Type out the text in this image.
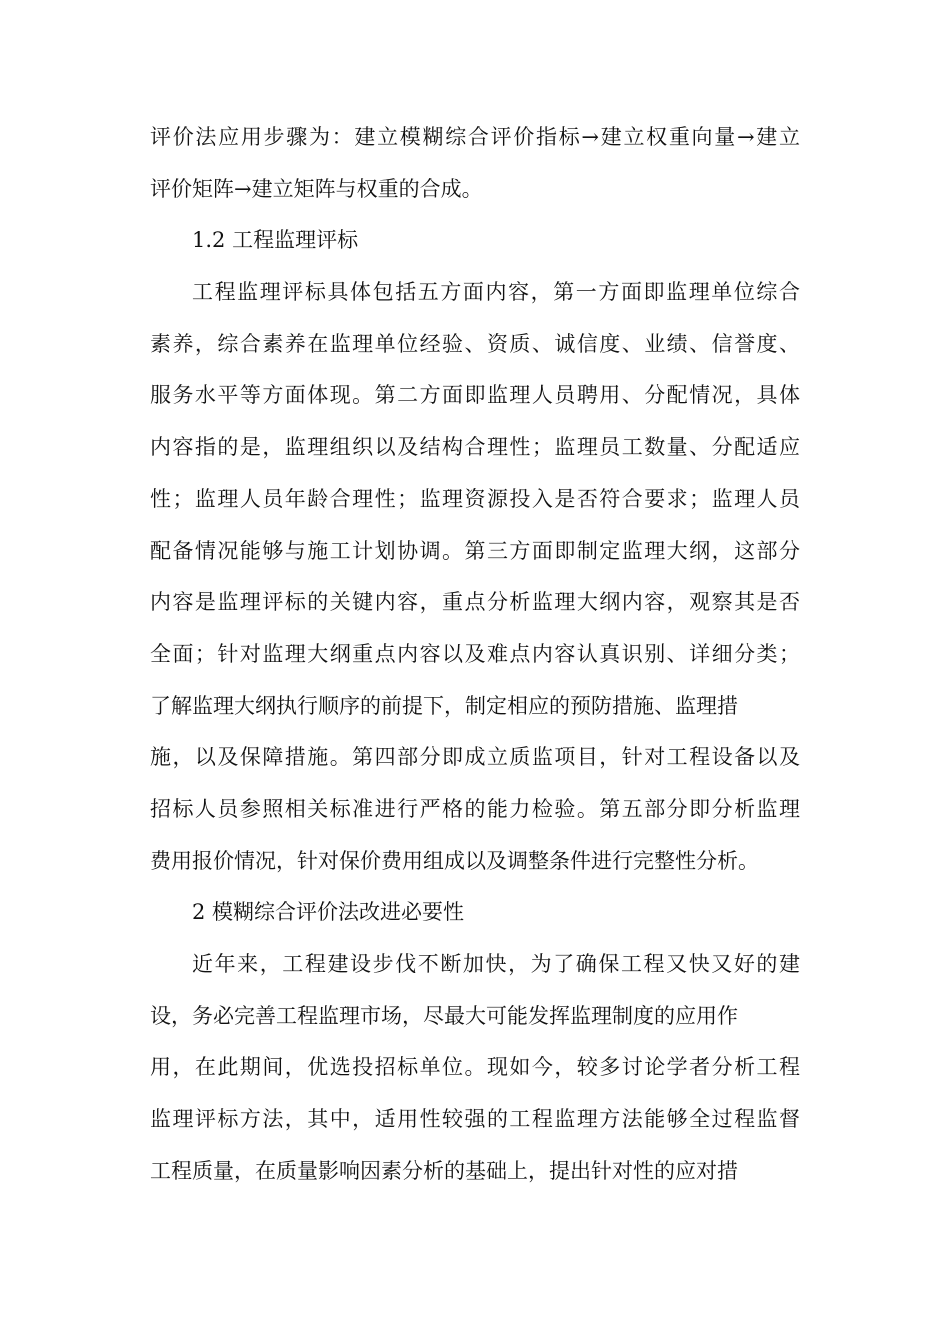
评价法应用步骤为：建立模糊综合评价指标→建立权重向量→建立
评价矩阵→建立矩阵与权重的合成。
1.2 工程监理评标
工程监理评标具体包括五方面内容，第一方面即监理单位综合
素养，综合素养在监理单位经验、资质、诚信度、业绩、信誉度、
服务水平等方面体现。第二方面即监理人员聘用、分配情况，具体
内容指的是，监理组织以及结构合理性；监理员工数量、分配适应
性；监理人员年龄合理性；监理资源投入是否符合要求；监理人员
配备情况能够与施工计划协调。第三方面即制定监理大纲，这部分
内容是监理评标的关键内容，重点分析监理大纲内容，观察其是否
全面；针对监理大纲重点内容以及难点内容认真识别、详细分类；
了解监理大纲执行顺序的前提下，制定相应的预防措施、监理措
施，以及保障措施。第四部分即成立质监项目，针对工程设备以及
招标人员参照相关标准进行严格的能力检验。第五部分即分析监理
费用报价情况，针对保价费用组成以及调整条件进行完整性分析。
2 模糊综合评价法改进必要性
近年来，工程建设步伐不断加快，为了确保工程又快又好的建
设，务必完善工程监理市场，尽最大可能发挥监理制度的应用作
用，在此期间，优选投招标单位。现如今，较多讨论学者分析工程
监理评标方法，其中，适用性较强的工程监理方法能够全过程监督
工程质量，在质量影响因素分析的基础上，提出针对性的应对措
